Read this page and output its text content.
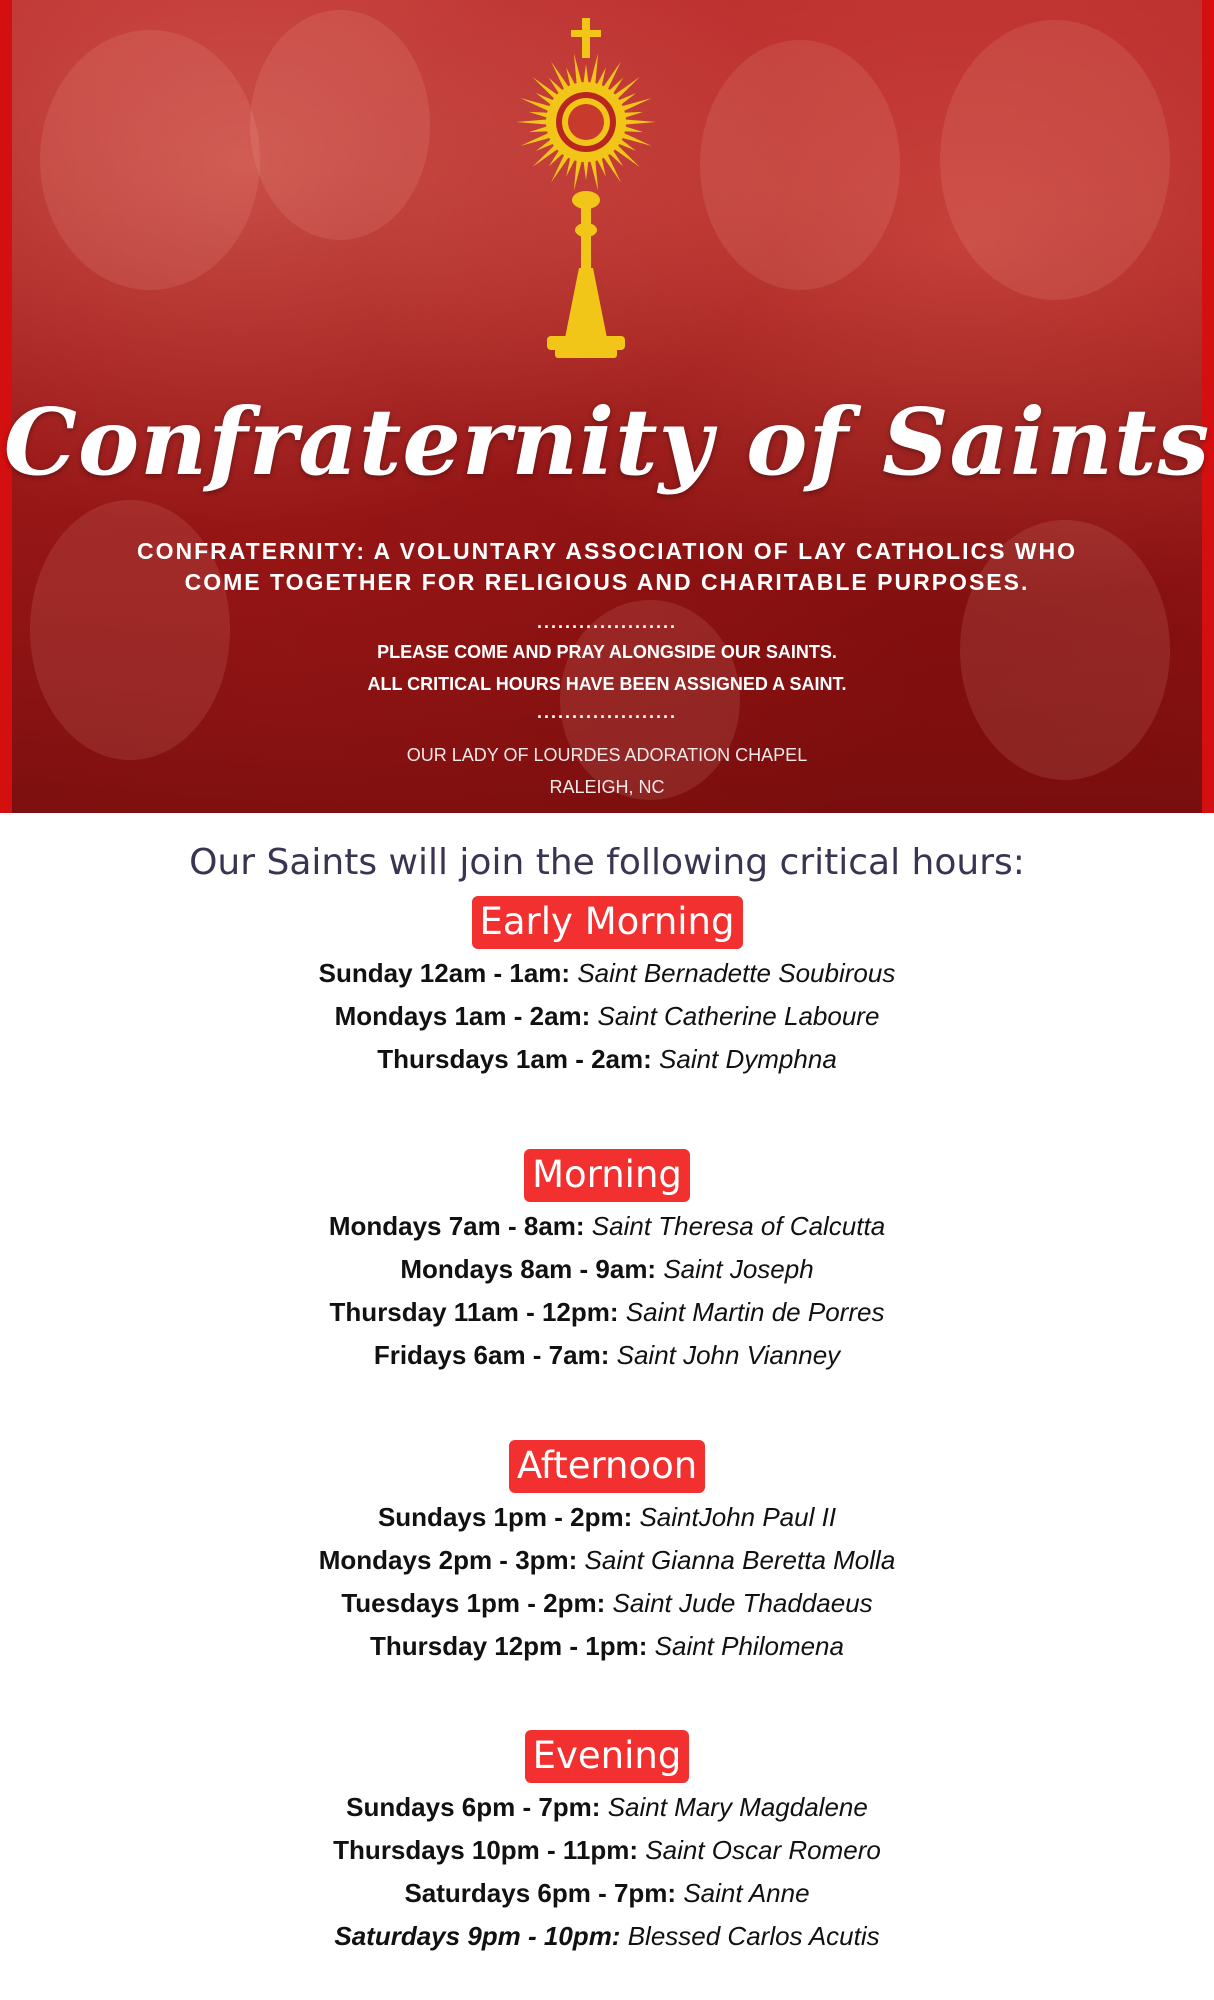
Confraternity of Saints
CONFRATERNITY: A VOLUNTARY ASSOCIATION OF LAY CATHOLICS WHO
COME TOGETHER FOR RELIGIOUS AND CHARITABLE PURPOSES.
....................
PLEASE COME AND PRAY ALONGSIDE OUR SAINTS.
ALL CRITICAL HOURS HAVE BEEN ASSIGNED A SAINT.
....................
OUR LADY OF LOURDES ADORATION CHAPEL
RALEIGH, NC
Our Saints will join the following critical hours:
Early Morning
Sunday 12am - 1am: Saint Bernadette Soubirous
Mondays 1am - 2am: Saint Catherine Laboure
Thursdays 1am - 2am: Saint Dymphna
Morning
Mondays 7am - 8am: Saint Theresa of Calcutta
Mondays 8am - 9am: Saint Joseph
Thursday 11am - 12pm: Saint Martin de Porres
Fridays 6am - 7am: Saint John Vianney
Afternoon
Sundays 1pm - 2pm: SaintJohn Paul II
Mondays 2pm - 3pm: Saint Gianna Beretta Molla
Tuesdays 1pm - 2pm: Saint Jude Thaddaeus
Thursday 12pm - 1pm: Saint Philomena
Evening
Sundays 6pm - 7pm: Saint Mary Magdalene
Thursdays 10pm - 11pm: Saint Oscar Romero
Saturdays 6pm - 7pm: Saint Anne
Saturdays 9pm - 10pm: Blessed Carlos Acutis
